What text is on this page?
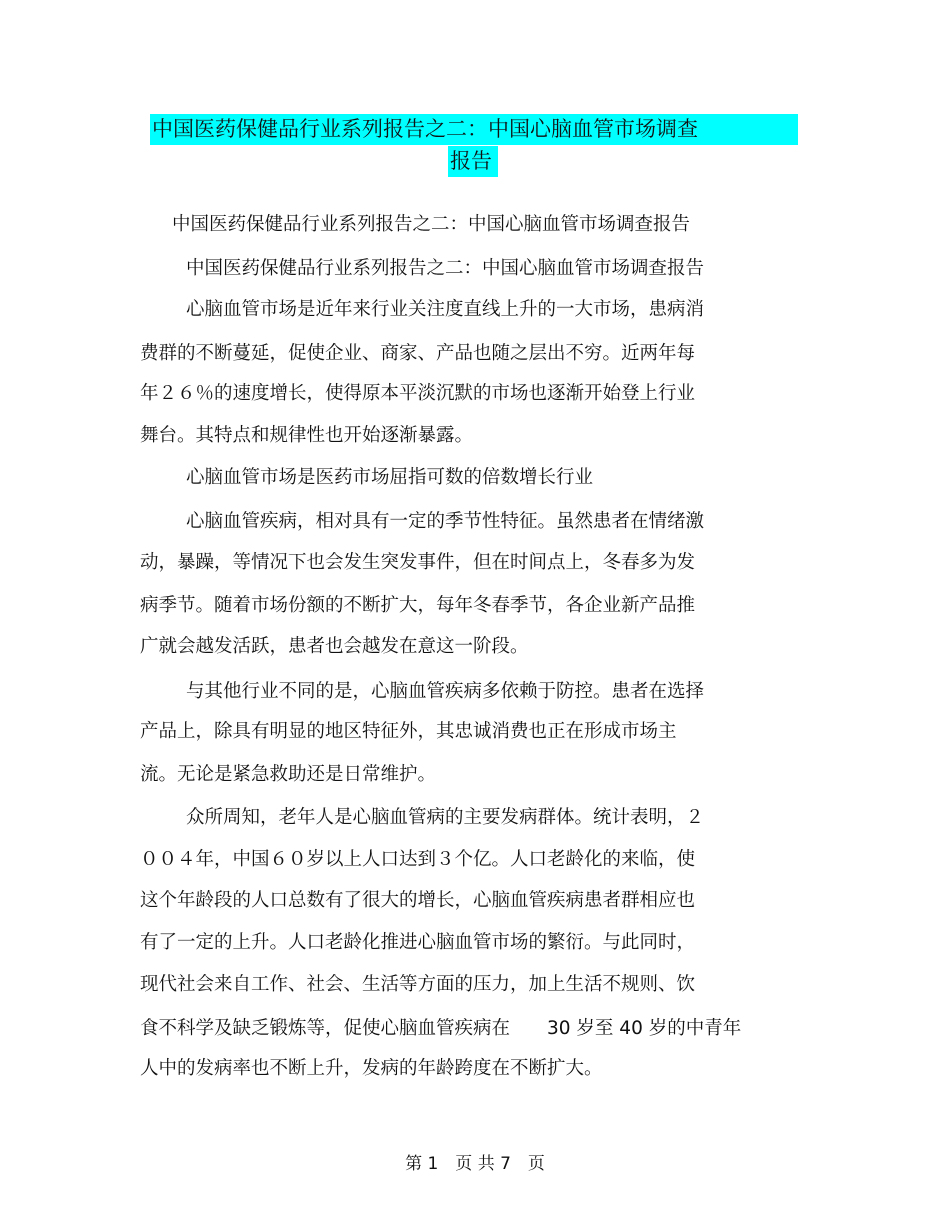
中国医药保健品行业系列报告之二：中国心脑血管市场调查
报告
中国医药保健品行业系列报告之二：中国心脑血管市场调查报告
中国医药保健品行业系列报告之二：中国心脑血管市场调查报告
心脑血管市场是近年来行业关注度直线上升的一大市场，患病消
费群的不断蔓延，促使企业、商家、产品也随之层出不穷。近两年每
年２６％的速度增长，使得原本平淡沉默的市场也逐渐开始登上行业
舞台。其特点和规律性也开始逐渐暴露。
心脑血管市场是医药市场屈指可数的倍数增长行业
心脑血管疾病，相对具有一定的季节性特征。虽然患者在情绪激
动，暴躁，等情况下也会发生突发事件，但在时间点上，冬春多为发
病季节。随着市场份额的不断扩大，每年冬春季节，各企业新产品推
广就会越发活跃，患者也会越发在意这一阶段。
与其他行业不同的是，心脑血管疾病多依赖于防控。患者在选择
产品上，除具有明显的地区特征外，其忠诚消费也正在形成市场主
流。无论是紧急救助还是日常维护。
众所周知，老年人是心脑血管病的主要发病群体。统计表明，２
００４年，中国６０岁以上人口达到３个亿。人口老龄化的来临，使
这个年龄段的人口总数有了很大的增长，心脑血管疾病患者群相应也
有了一定的上升。人口老龄化推进心脑血管市场的繁衍。与此同时，
现代社会来自工作、社会、生活等方面的压力，加上生活不规则、饮
食不科学及缺乏锻炼等，促使心脑血管疾病在　　30 岁至 40 岁的中青年
人中的发病率也不断上升，发病的年龄跨度在不断扩大。
第 1　页 共 7　页
